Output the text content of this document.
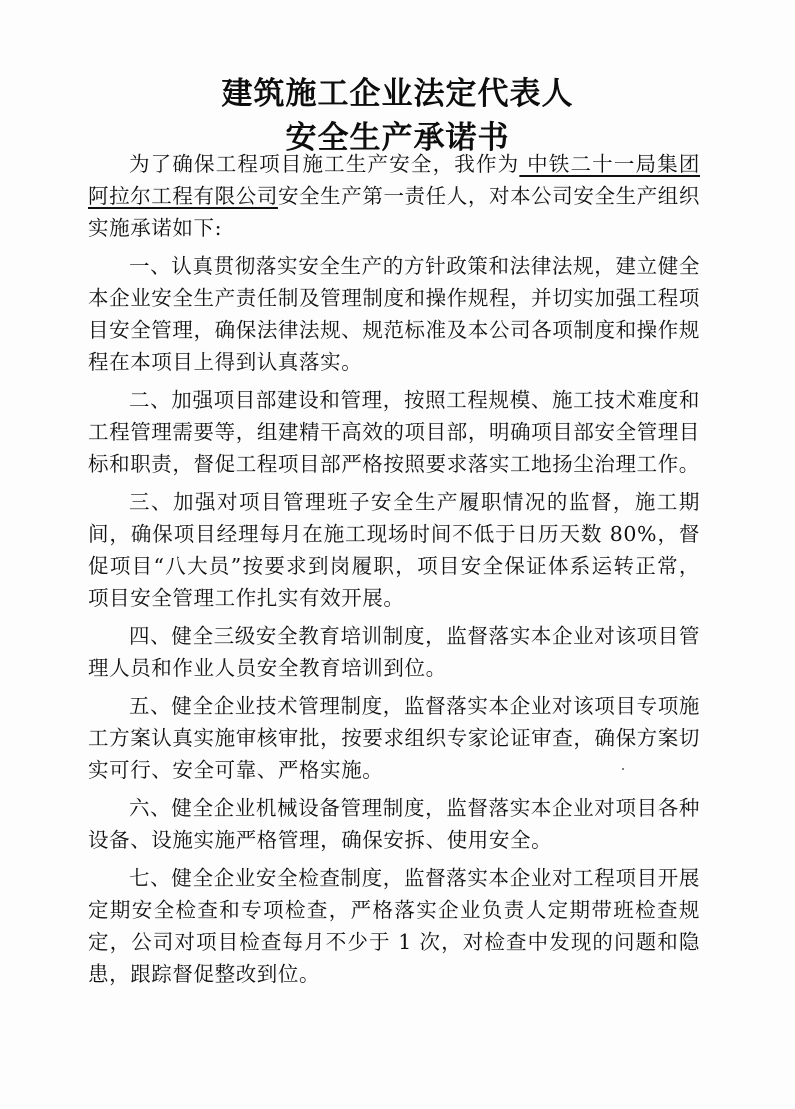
建筑施工企业法定代表人
安全生产承诺书

为了确保工程项目施工生产安全，我作为 中铁二十一局集团阿拉尔工程有限公司安全生产第一责任人，对本公司安全生产组织实施承诺如下:

一、认真贯彻落实安全生产的方针政策和法律法规，建立健全本企业安全生产责任制及管理制度和操作规程，并切实加强工程项目安全管理，确保法律法规、规范标准及本公司各项制度和操作规程在本项目上得到认真落实。

二、加强项目部建设和管理，按照工程规模、施工技术难度和工程管理需要等，组建精干高效的项目部，明确项目部安全管理目标和职责，督促工程项目部严格按照要求落实工地扬尘治理工作。

三、加强对项目管理班子安全生产履职情况的监督，施工期间，确保项目经理每月在施工现场时间不低于日历天数 80%，督促项目“八大员”按要求到岗履职，项目安全保证体系运转正常，项目安全管理工作扎实有效开展。

四、健全三级安全教育培训制度，监督落实本企业对该项目管理人员和作业人员安全教育培训到位。

五、健全企业技术管理制度，监督落实本企业对该项目专项施工方案认真实施审核审批，按要求组织专家论证审查，确保方案切实可行、安全可靠、严格实施。

六、健全企业机械设备管理制度，监督落实本企业对项目各种设备、设施实施严格管理，确保安拆、使用安全。

七、健全企业安全检查制度，监督落实本企业对工程项目开展定期安全检查和专项检查，严格落实企业负责人定期带班检查规定，公司对项目检查每月不少于 1 次，对检查中发现的问题和隐患，跟踪督促整改到位。
